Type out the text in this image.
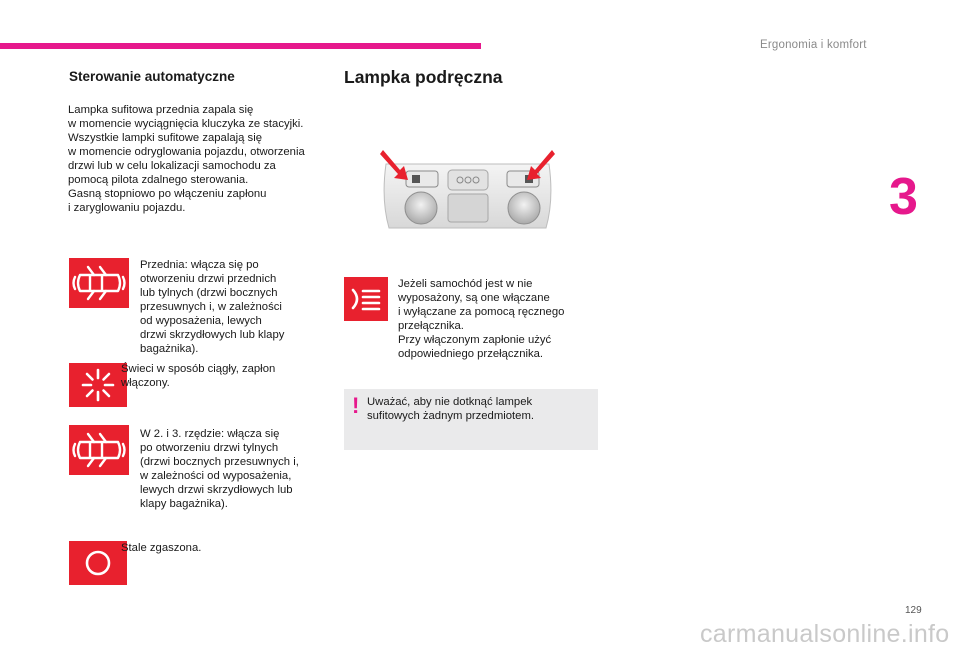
Ergonomia i komfort
3
129
carmanualsonline.info
Sterowanie automatyczne
Lampka sufitowa przednia zapala się
w momencie wyciągnięcia kluczyka ze stacyjki.
Wszystkie lampki sufitowe zapalają się
w momencie odryglowania pojazdu, otworzenia
drzwi lub w celu lokalizacji samochodu za
pomocą pilota zdalnego sterowania.
Gasną stopniowo po włączeniu zapłonu
i zaryglowaniu pojazdu.
Przednia: włącza się po
otworzeniu drzwi przednich
lub tylnych (drzwi bocznych
przesuwnych i, w zależności
od wyposażenia, lewych
drzwi skrzydłowych lub klapy
bagażnika).
Świeci w sposób ciągły, zapłon
włączony.
W 2. i 3. rzędzie: włącza się
po otworzeniu drzwi tylnych
(drzwi bocznych przesuwnych i,
w zależności od wyposażenia,
lewych drzwi skrzydłowych lub
klapy bagażnika).
Stale zgaszona.
Lampka podręczna
Jeżeli samochód jest w nie
wyposażony, są one włączane
i wyłączane za pomocą ręcznego
przełącznika.
Przy włączonym zapłonie użyć
odpowiedniego przełącznika.
! Uważać, aby nie dotknąć lampek
sufitowych żadnym przedmiotem.
